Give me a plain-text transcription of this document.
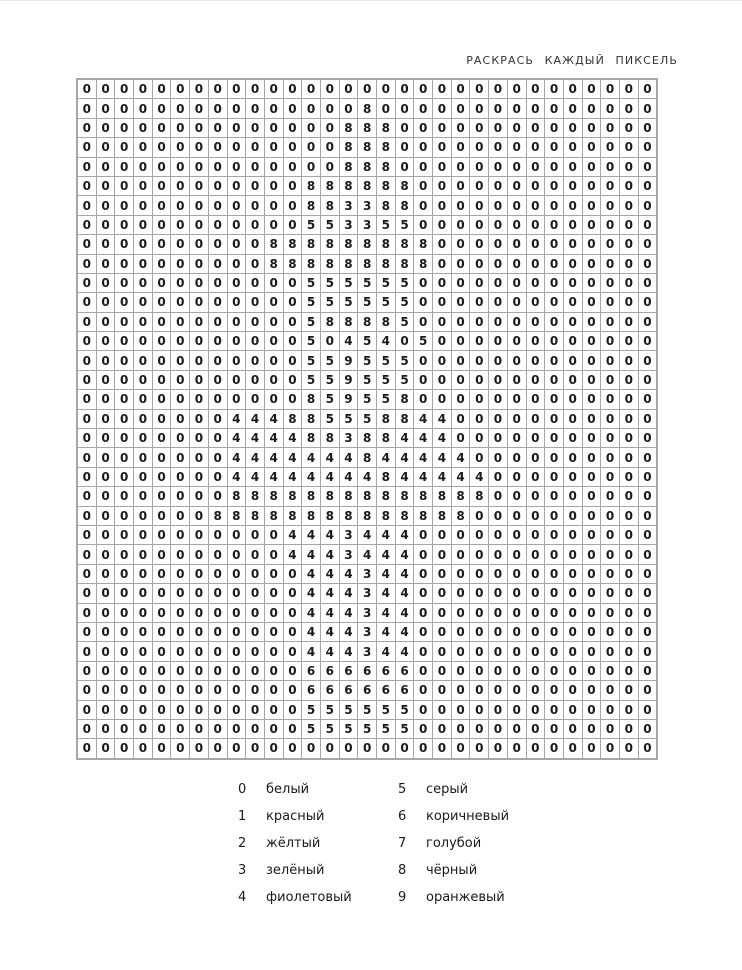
РАСКРАСЬ КАЖДЫЙ ПИКСЕЛЬ
0	0	0	0	0	0	0	0	0	0	0	0	0	0	0	0	0	0	0	0	0	0	0	0	0	0	0	0	0	0	0
0	0	0	0	0	0	0	0	0	0	0	0	0	0	0	8	0	0	0	0	0	0	0	0	0	0	0	0	0	0	0
0	0	0	0	0	0	0	0	0	0	0	0	0	0	8	8	8	0	0	0	0	0	0	0	0	0	0	0	0	0	0
0	0	0	0	0	0	0	0	0	0	0	0	0	0	8	8	8	0	0	0	0	0	0	0	0	0	0	0	0	0	0
0	0	0	0	0	0	0	0	0	0	0	0	0	0	8	8	8	0	0	0	0	0	0	0	0	0	0	0	0	0	0
0	0	0	0	0	0	0	0	0	0	0	0	8	8	8	8	8	8	0	0	0	0	0	0	0	0	0	0	0	0	0
0	0	0	0	0	0	0	0	0	0	0	0	8	8	3	3	8	8	0	0	0	0	0	0	0	0	0	0	0	0	0
0	0	0	0	0	0	0	0	0	0	0	0	5	5	3	3	5	5	0	0	0	0	0	0	0	0	0	0	0	0	0
0	0	0	0	0	0	0	0	0	0	8	8	8	8	8	8	8	8	8	0	0	0	0	0	0	0	0	0	0	0	0
0	0	0	0	0	0	0	0	0	0	8	8	8	8	8	8	8	8	8	0	0	0	0	0	0	0	0	0	0	0	0
0	0	0	0	0	0	0	0	0	0	0	0	5	5	5	5	5	5	0	0	0	0	0	0	0	0	0	0	0	0	0
0	0	0	0	0	0	0	0	0	0	0	0	5	5	5	5	5	5	0	0	0	0	0	0	0	0	0	0	0	0	0
0	0	0	0	0	0	0	0	0	0	0	0	5	8	8	8	8	5	0	0	0	0	0	0	0	0	0	0	0	0	0
0	0	0	0	0	0	0	0	0	0	0	0	5	0	4	5	4	0	5	0	0	0	0	0	0	0	0	0	0	0	0
0	0	0	0	0	0	0	0	0	0	0	0	5	5	9	5	5	5	0	0	0	0	0	0	0	0	0	0	0	0	0
0	0	0	0	0	0	0	0	0	0	0	0	5	5	9	5	5	5	0	0	0	0	0	0	0	0	0	0	0	0	0
0	0	0	0	0	0	0	0	0	0	0	0	8	5	9	5	5	8	0	0	0	0	0	0	0	0	0	0	0	0	0
0	0	0	0	0	0	0	0	4	4	4	8	8	5	5	5	8	8	4	4	0	0	0	0	0	0	0	0	0	0	0
0	0	0	0	0	0	0	0	4	4	4	4	8	8	3	8	8	4	4	4	0	0	0	0	0	0	0	0	0	0	0
0	0	0	0	0	0	0	0	4	4	4	4	4	4	4	8	4	4	4	4	4	0	0	0	0	0	0	0	0	0	0
0	0	0	0	0	0	0	0	4	4	4	4	4	4	4	4	8	4	4	4	4	4	0	0	0	0	0	0	0	0	0
0	0	0	0	0	0	0	0	8	8	8	8	8	8	8	8	8	8	8	8	8	8	0	0	0	0	0	0	0	0	0
0	0	0	0	0	0	0	8	8	8	8	8	8	8	8	8	8	8	8	8	8	0	0	0	0	0	0	0	0	0	0
0	0	0	0	0	0	0	0	0	0	0	4	4	4	3	4	4	4	0	0	0	0	0	0	0	0	0	0	0	0	0
0	0	0	0	0	0	0	0	0	0	0	4	4	4	3	4	4	4	0	0	0	0	0	0	0	0	0	0	0	0	0
0	0	0	0	0	0	0	0	0	0	0	0	4	4	4	3	4	4	0	0	0	0	0	0	0	0	0	0	0	0	0
0	0	0	0	0	0	0	0	0	0	0	0	4	4	4	3	4	4	0	0	0	0	0	0	0	0	0	0	0	0	0
0	0	0	0	0	0	0	0	0	0	0	0	4	4	4	3	4	4	0	0	0	0	0	0	0	0	0	0	0	0	0
0	0	0	0	0	0	0	0	0	0	0	0	4	4	4	3	4	4	0	0	0	0	0	0	0	0	0	0	0	0	0
0	0	0	0	0	0	0	0	0	0	0	0	4	4	4	3	4	4	0	0	0	0	0	0	0	0	0	0	0	0	0
0	0	0	0	0	0	0	0	0	0	0	0	6	6	6	6	6	6	0	0	0	0	0	0	0	0	0	0	0	0	0
0	0	0	0	0	0	0	0	0	0	0	0	6	6	6	6	6	6	0	0	0	0	0	0	0	0	0	0	0	0	0
0	0	0	0	0	0	0	0	0	0	0	0	5	5	5	5	5	5	0	0	0	0	0	0	0	0	0	0	0	0	0
0	0	0	0	0	0	0	0	0	0	0	0	5	5	5	5	5	5	0	0	0	0	0	0	0	0	0	0	0	0	0
0	0	0	0	0	0	0	0	0	0	0	0	0	0	0	0	0	0	0	0	0	0	0	0	0	0	0	0	0	0	0
0	белый
1	красный
2	жёлтый
3	зелёный
4	фиолетовый
5	серый
6	коричневый
7	голубой
8	чёрный
9	оранжевый
